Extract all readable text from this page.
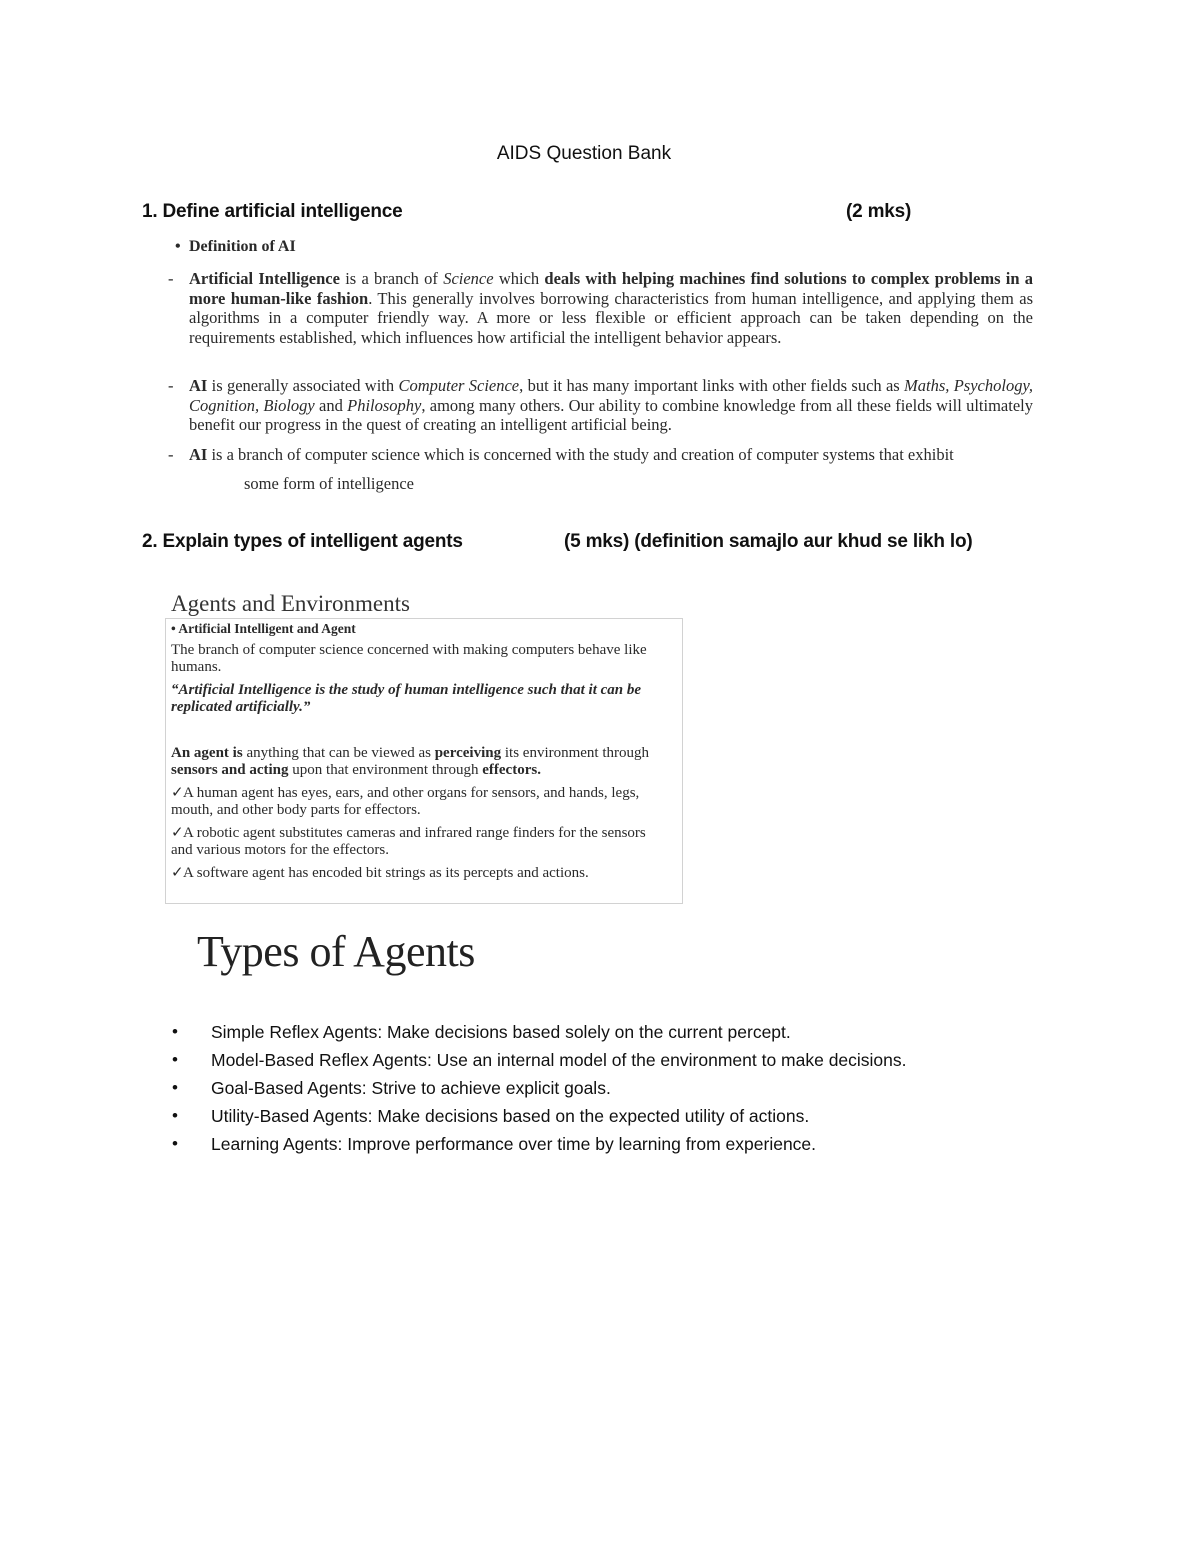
AIDS Question Bank
1. Define artificial intelligence	(2 mks)
• Definition of AI
- Artificial Intelligence is a branch of Science which deals with helping machines find solutions to complex problems in a more human-like fashion. This generally involves borrowing characteristics from human intelligence, and applying them as algorithms in a computer friendly way. A more or less flexible or efficient approach can be taken depending on the requirements established, which influences how artificial the intelligent behavior appears.
- AI is generally associated with Computer Science, but it has many important links with other fields such as Maths, Psychology, Cognition, Biology and Philosophy, among many others. Our ability to combine knowledge from all these fields will ultimately benefit our progress in the quest of creating an intelligent artificial being.
- AI is a branch of computer science which is concerned with the study and creation of computer systems that exhibit
some form of intelligence
2. Explain types of intelligent agents	(5 mks) (definition samajlo aur khud se likh lo)
Agents and Environments
• Artificial Intelligent and Agent
The branch of computer science concerned with making computers behave like humans.
“Artificial Intelligence is the study of human intelligence such that it can be replicated artificially.”
An agent is anything that can be viewed as perceiving its environment through sensors and acting upon that environment through effectors.
✓A human agent has eyes, ears, and other organs for sensors, and hands, legs, mouth, and other body parts for effectors.
✓A robotic agent substitutes cameras and infrared range finders for the sensors and various motors for the effectors.
✓A software agent has encoded bit strings as its percepts and actions.
Types of Agents
• Simple Reflex Agents: Make decisions based solely on the current percept.
• Model-Based Reflex Agents: Use an internal model of the environment to make decisions.
• Goal-Based Agents: Strive to achieve explicit goals.
• Utility-Based Agents: Make decisions based on the expected utility of actions.
• Learning Agents: Improve performance over time by learning from experience.
